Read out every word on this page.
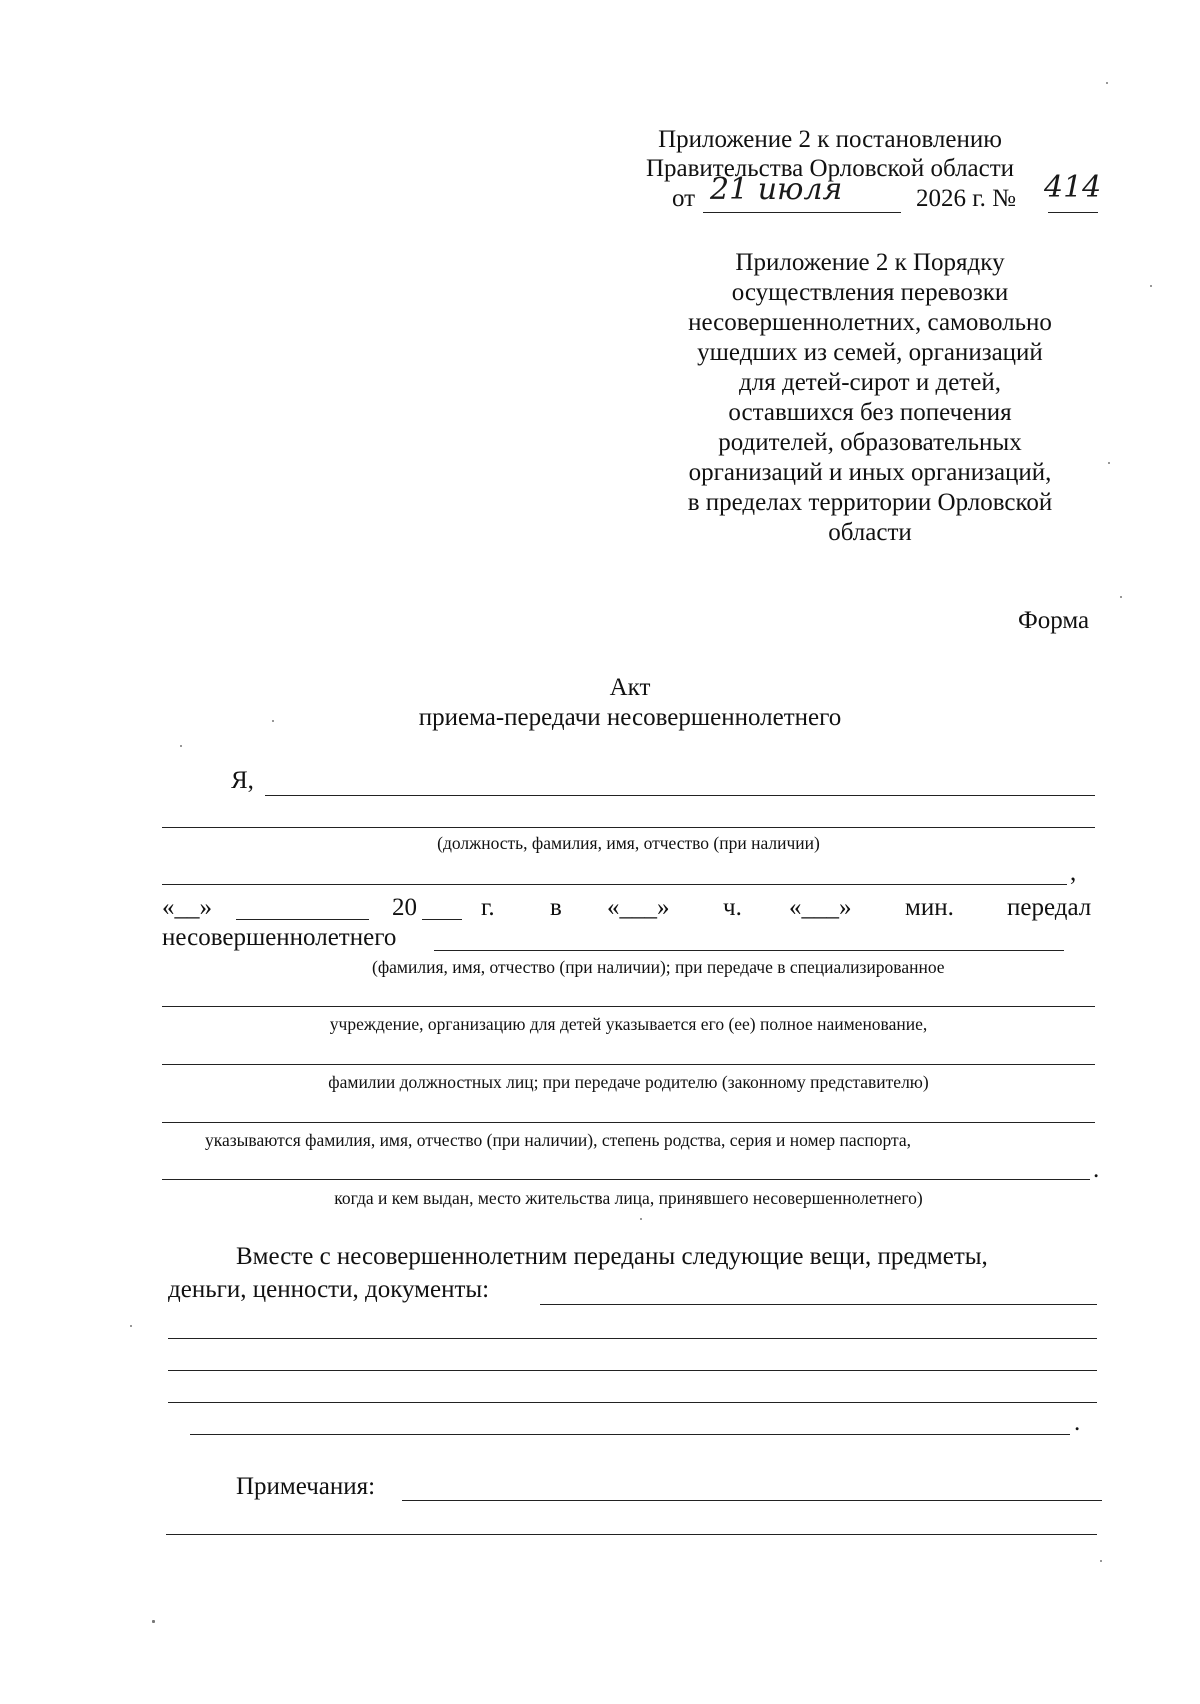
Приложение 2 к постановлению
Правительства Орловской области
от 21 июля	2026 г. № 414
Приложение 2 к Порядку
осуществления перевозки
несовершеннолетних, самовольно
ушедших из семей, организаций
для детей-сирот и детей,
оставшихся без попечения
родителей, образовательных
организаций и иных организаций,
в пределах территории Орловской
области
Форма
Акт
приема-передачи несовершеннолетнего
Я,
(должность, фамилия, имя, отчество (при наличии)
,
«__»	20	г. в «___» ч. «___» мин. передал
несовершеннолетнего
(фамилия, имя, отчество (при наличии); при передаче в специализированное
учреждение, организацию для детей указывается его (ее) полное наименование,
фамилии должностных лиц; при передаче родителю (законному представителю)
указываются фамилия, имя, отчество (при наличии), степень родства, серия и номер паспорта,
.
когда и кем выдан, место жительства лица, принявшего несовершеннолетнего)
Вместе с несовершеннолетним переданы следующие вещи, предметы,
деньги, ценности, документы:
.
Примечания:
